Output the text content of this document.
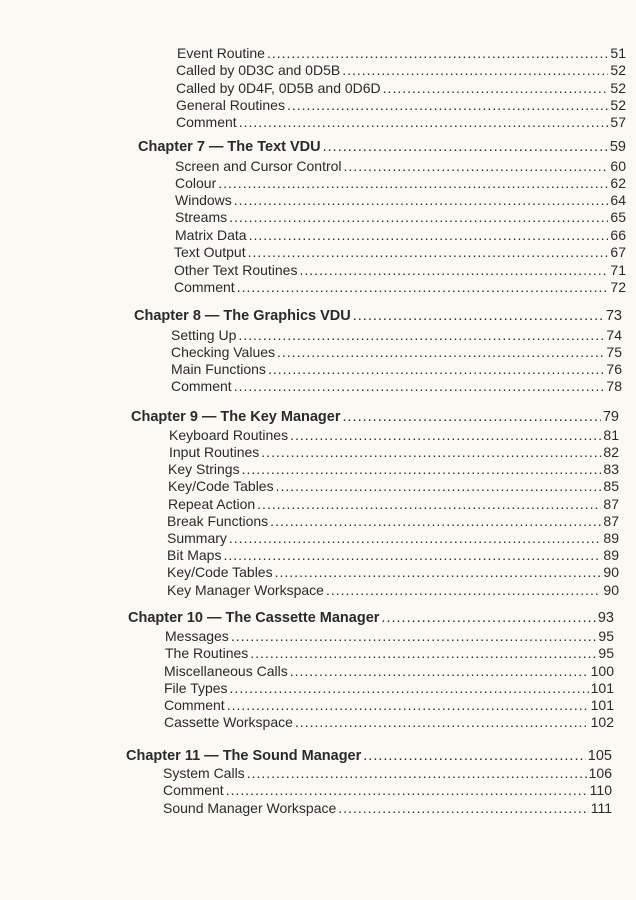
Event Routine .....	51
Called by 0D3C and 0D5B .....	52
Called by 0D4F, 0D5B and 0D6D .....	52
General Routines .....	52
Comment .....	57
Chapter 7 — The Text VDU .....	59
Screen and Cursor Control .....	60
Colour .....	62
Windows .....	64
Streams .....	65
Matrix Data .....	66
Text Output .....	67
Other Text Routines .....	71
Comment .....	72
Chapter 8 — The Graphics VDU .....	73
Setting Up .....	74
Checking Values .....	75
Main Functions .....	76
Comment .....	78
Chapter 9 — The Key Manager .....	79
Keyboard Routines .....	81
Input Routines .....	82
Key Strings .....	83
Key/Code Tables .....	85
Repeat Action .....	87
Break Functions .....	87
Summary .....	89
Bit Maps .....	89
Key/Code Tables .....	90
Key Manager Workspace .....	90
Chapter 10 — The Cassette Manager .....	93
Messages .....	95
The Routines .....	95
Miscellaneous Calls .....	100
File Types .....	101
Comment .....	101
Cassette Workspace .....	102
Chapter 11 — The Sound Manager .....	105
System Calls .....	106
Comment .....	110
Sound Manager Workspace .....	111
